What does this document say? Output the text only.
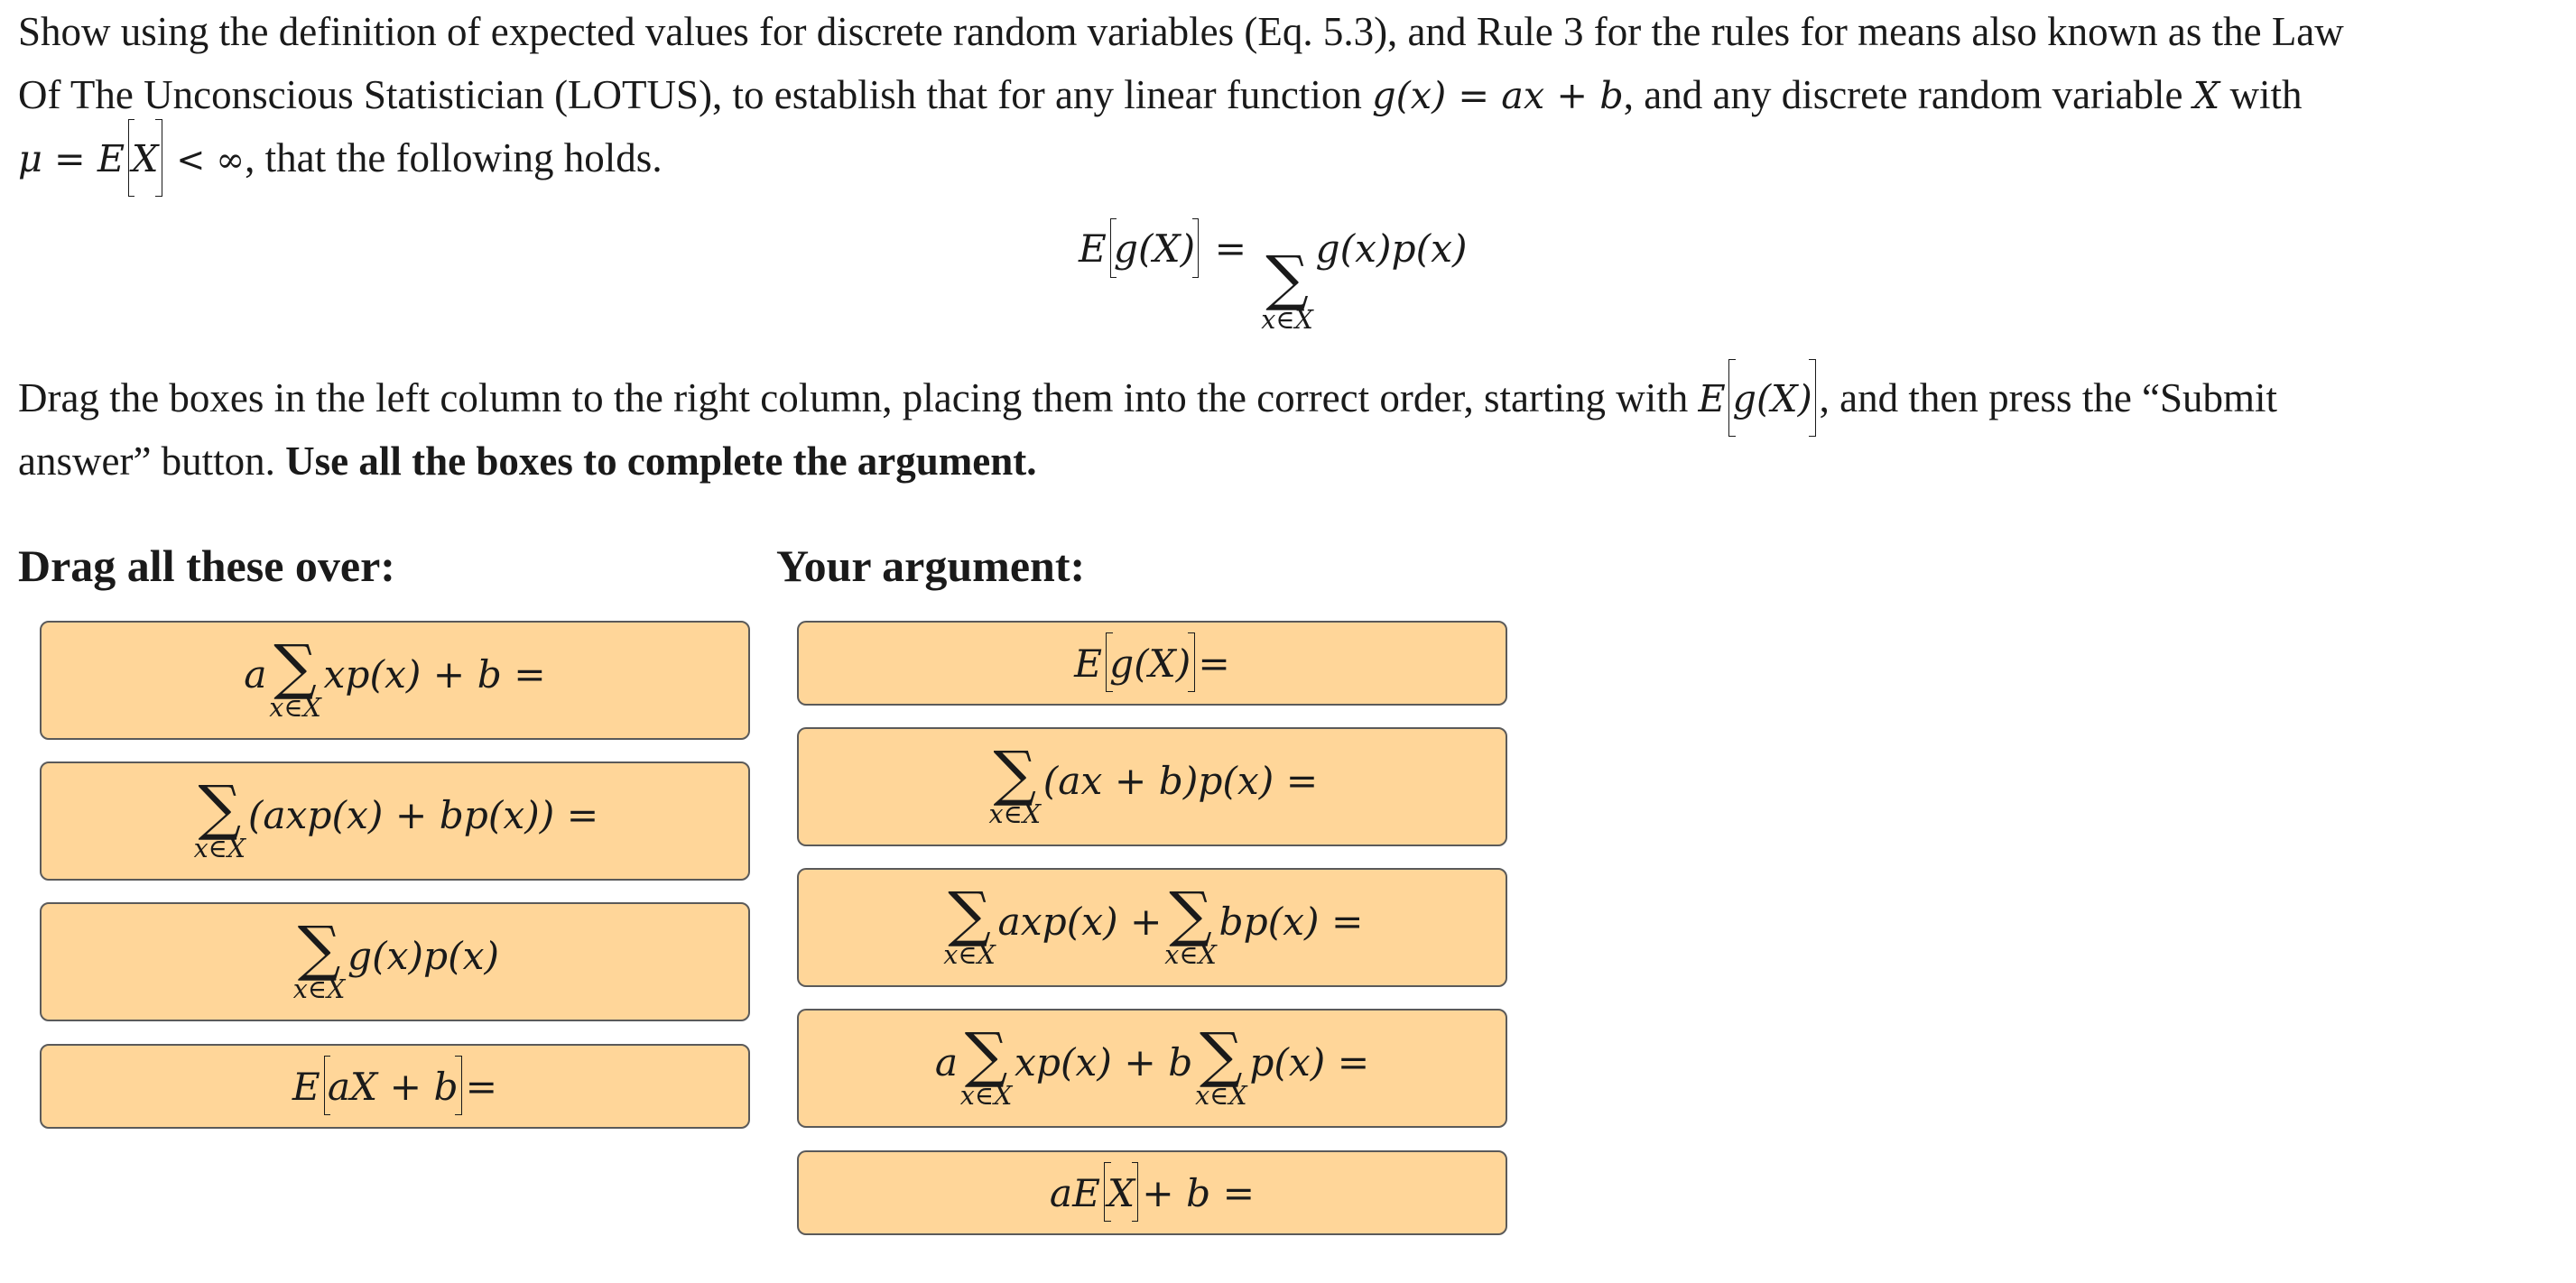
Show using the definition of expected values for discrete random variables (Eq. 5.3), and Rule 3 for the rules for means also known as the Law
Of The Unconscious Statistician (LOTUS), to establish that for any linear function g(x) = ax + b, and any discrete random variable X with
μ = E X < ∞, that the following holds.
E g(X) = ∑
x∈X
g(x)p(x)
Drag the boxes in the left column to the right column, placing them into the correct order, starting with E g(X) , and then press the “Submit
answer” button. Use all the boxes to complete the argument.
Drag all these over:	Your argument:
a ∑
x∈X
xp(x) + b =
∑
x∈X
(axp(x) + bp(x)) =
∑
x∈X
g(x)p(x)
E aX + b =
E g(X) =
∑
x∈X
(ax + b)p(x) =
∑
x∈X
axp(x) + ∑
x∈X
bp(x) =
a ∑
x∈X
xp(x) + b ∑
x∈X
p(x) =
aE X + b =
